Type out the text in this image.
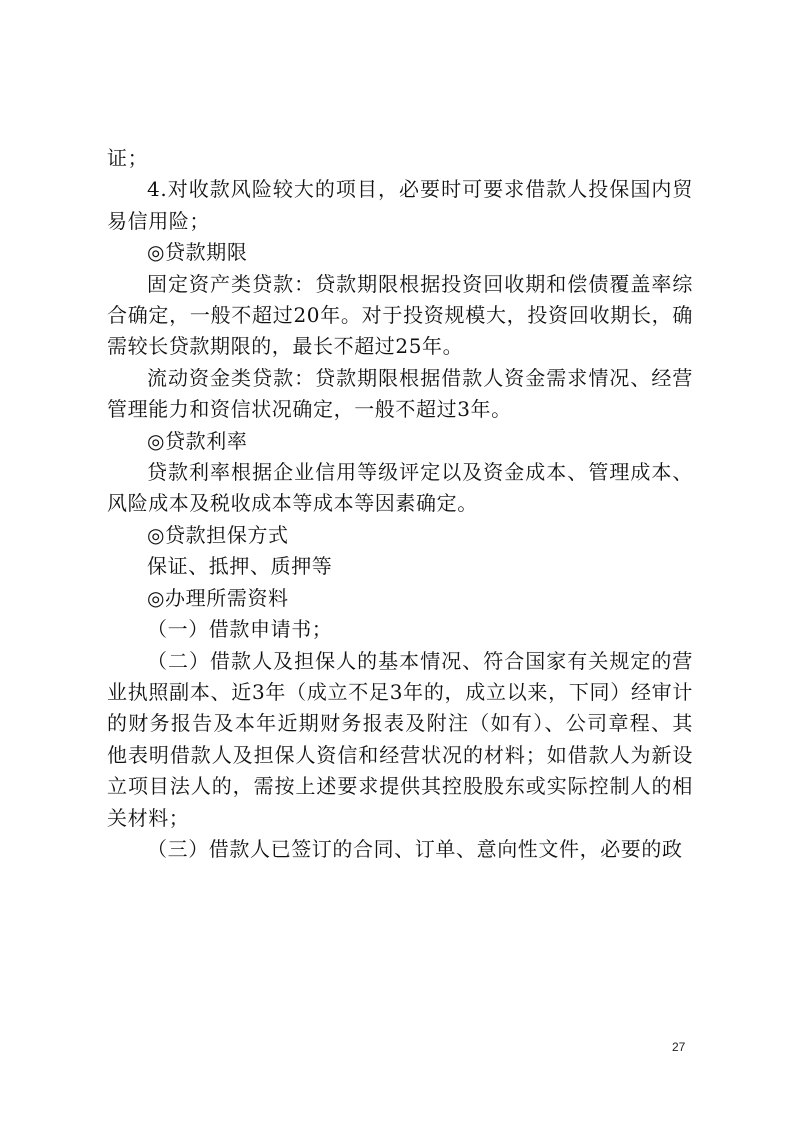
证；

4.对收款风险较大的项目，必要时可要求借款人投保国内贸易信用险；

◎贷款期限

固定资产类贷款：贷款期限根据投资回收期和偿债覆盖率综合确定，一般不超过20年。对于投资规模大，投资回收期长，确需较长贷款期限的，最长不超过25年。

流动资金类贷款：贷款期限根据借款人资金需求情况、经营管理能力和资信状况确定，一般不超过3年。

◎贷款利率

贷款利率根据企业信用等级评定以及资金成本、管理成本、风险成本及税收成本等成本等因素确定。

◎贷款担保方式

保证、抵押、质押等

◎办理所需资料

（一）借款申请书；

（二）借款人及担保人的基本情况、符合国家有关规定的营业执照副本、近3年（成立不足3年的，成立以来，下同）经审计的财务报告及本年近期财务报表及附注（如有）、公司章程、其他表明借款人及担保人资信和经营状况的材料；如借款人为新设立项目法人的，需按上述要求提供其控股股东或实际控制人的相关材料；

（三）借款人已签订的合同、订单、意向性文件，必要的政

27
